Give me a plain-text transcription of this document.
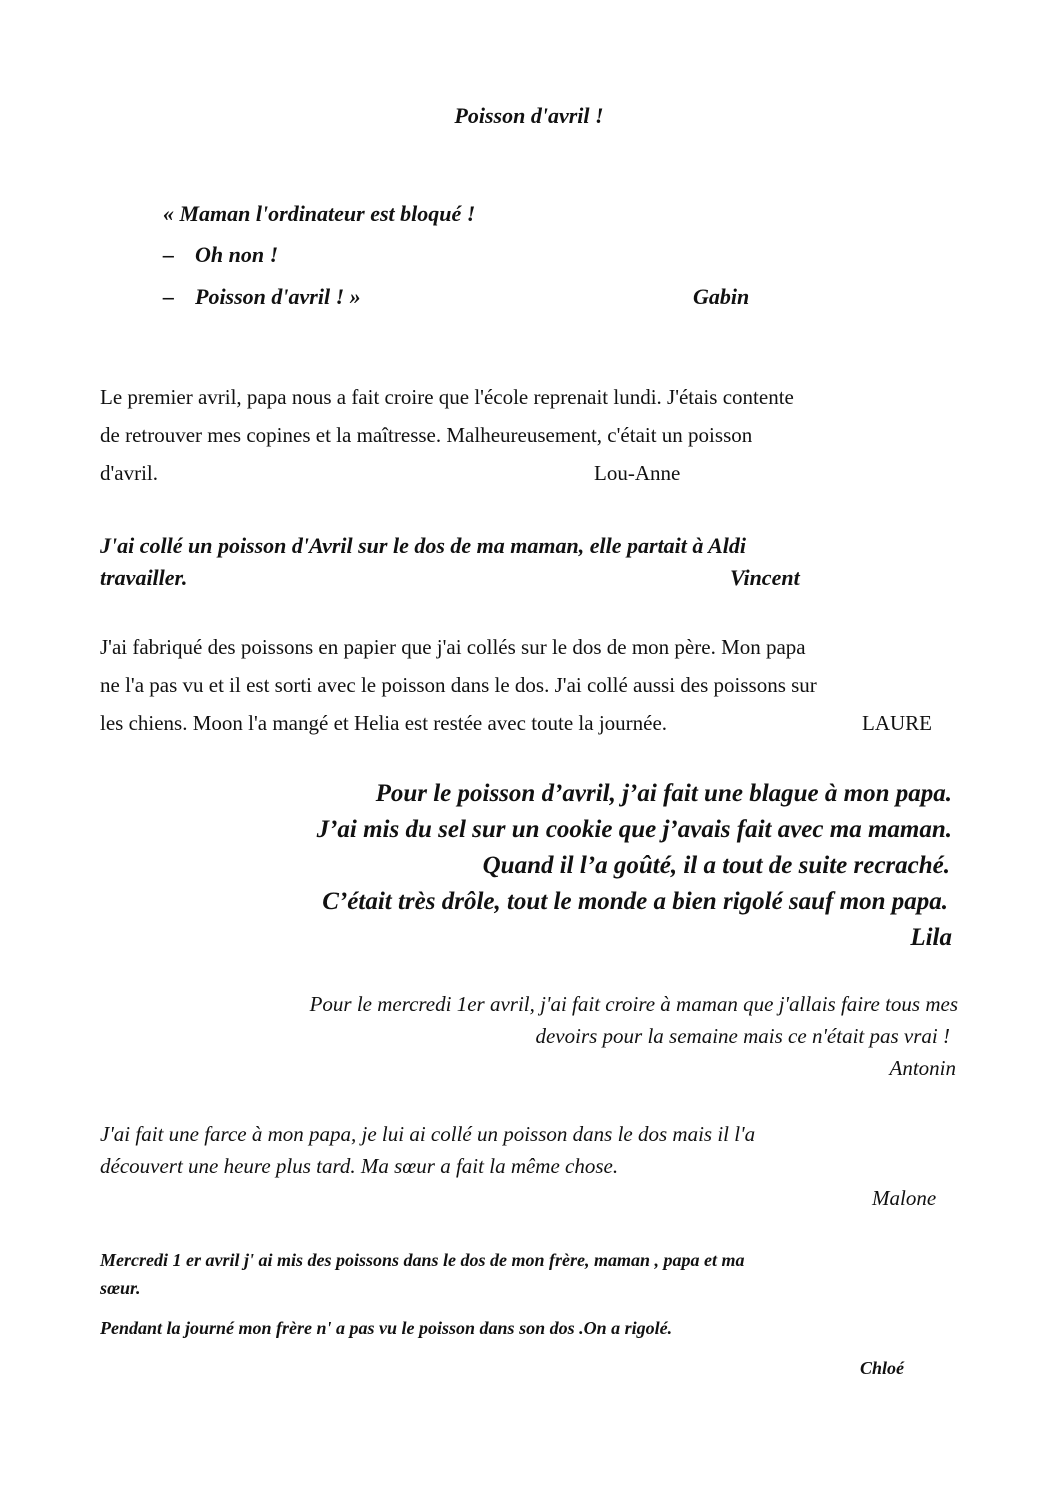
Poisson d'avril !
« Maman l'ordinateur est bloqué !
– Oh non !
– Poisson d'avril ! »	Gabin
Le premier avril, papa nous a fait croire que l'école reprenait lundi. J'étais contente
de retrouver mes copines et la maîtresse. Malheureusement, c'était un poisson
d'avril.	Lou-Anne
J'ai collé un poisson d'Avril sur le dos de ma maman, elle partait à Aldi
travailler.	Vincent
J'ai fabriqué des poissons en papier que j'ai collés sur le dos de mon père. Mon papa
ne l'a pas vu et il est sorti avec le poisson dans le dos. J'ai collé aussi des poissons sur
les chiens. Moon l'a mangé et Helia est restée avec toute la journée.	LAURE
Pour le poisson d’avril, j’ai fait une blague à mon papa.
J’ai mis du sel sur un cookie que j’avais fait avec ma maman.
Quand il l’a goûté, il a tout de suite recraché.
C’était très drôle, tout le monde a bien rigolé sauf mon papa.
Lila
Pour le mercredi 1er avril, j'ai fait croire à maman que j'allais faire tous mes
devoirs pour la semaine mais ce n'était pas vrai !
Antonin
J'ai fait une farce à mon papa, je lui ai collé un poisson dans le dos mais il l'a
découvert une heure plus tard. Ma sœur a fait la même chose.
Malone
Mercredi 1 er avril j' ai mis des poissons dans le dos de mon frère, maman , papa et ma
sœur.
Pendant la journé mon frère n' a pas vu le poisson dans son dos .On a rigolé.
Chloé
